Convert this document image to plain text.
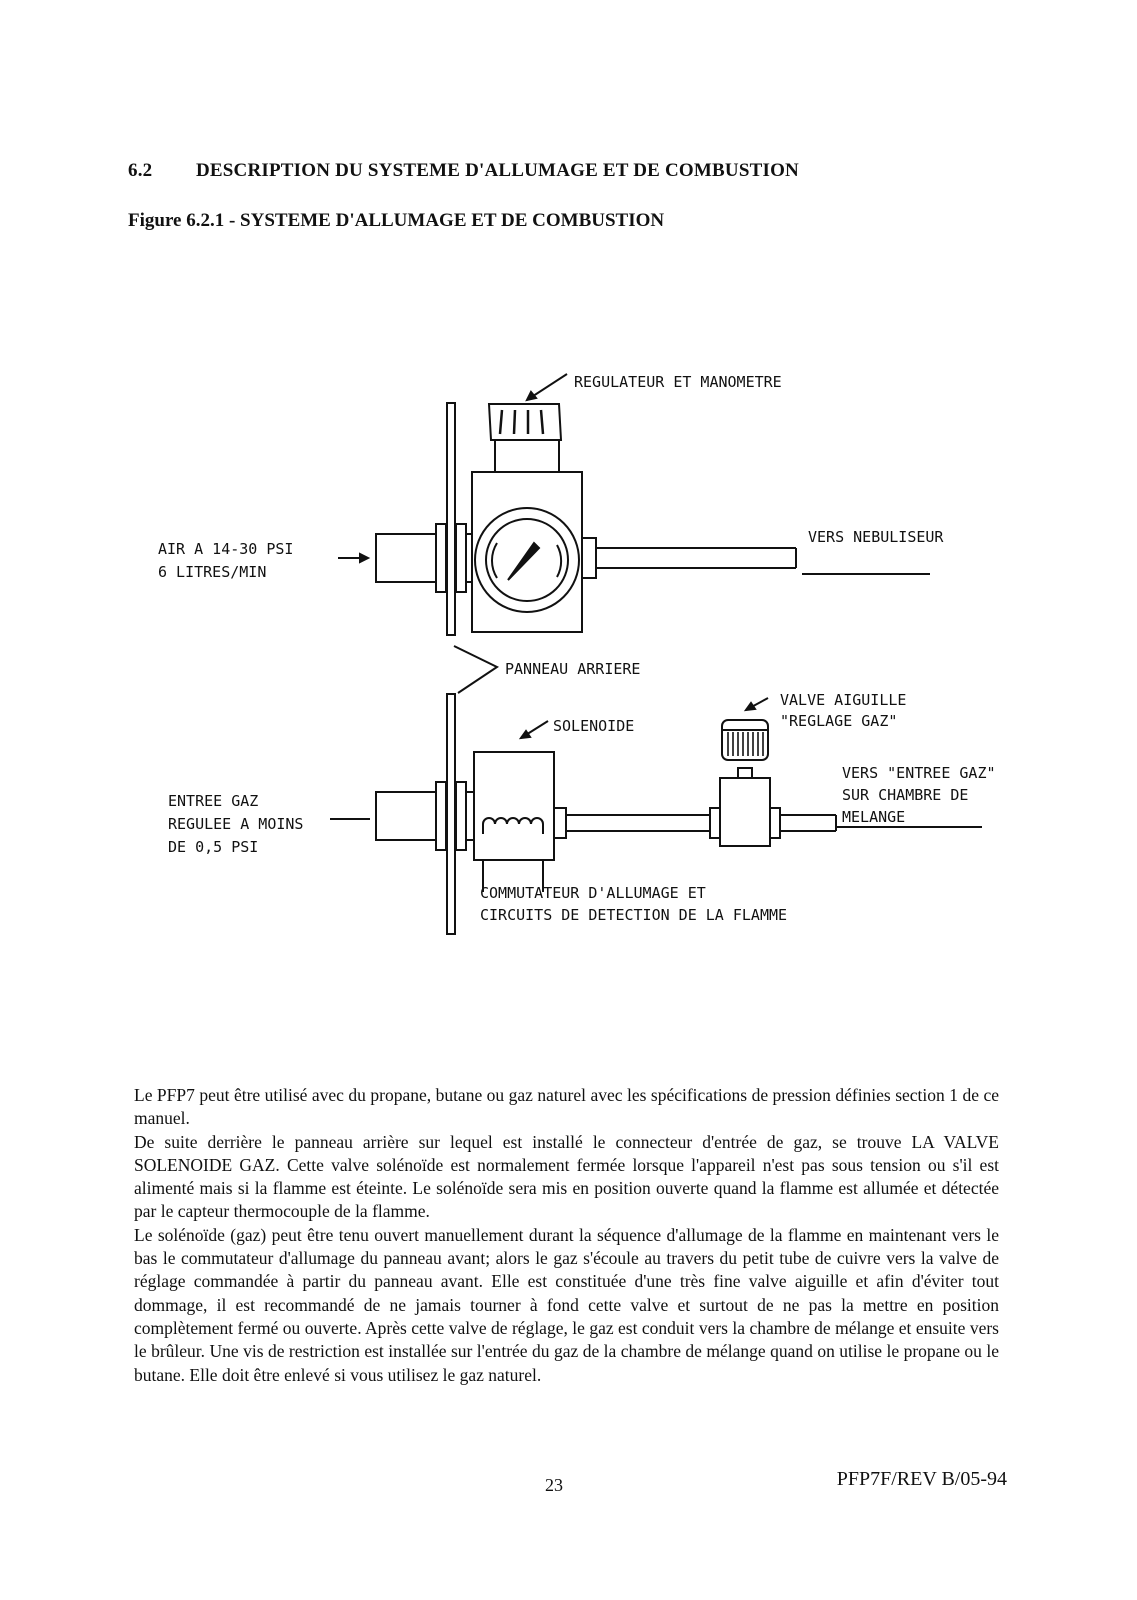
6.2 DESCRIPTION DU SYSTEME D'ALLUMAGE ET DE COMBUSTION
Figure 6.2.1 - SYSTEME D'ALLUMAGE ET DE COMBUSTION
REGULATEUR ET MANOMETRE
AIR A 14-30 PSI
6 LITRES/MIN
VERS NEBULISEUR
PANNEAU ARRIERE
VALVE AIGUILLE
"REGLAGE GAZ"
SOLENOIDE
ENTREE GAZ
REGULEE A MOINS
DE 0,5 PSI
VERS "ENTREE GAZ"
SUR CHAMBRE DE
MELANGE
COMMUTATEUR D'ALLUMAGE ET
CIRCUITS DE DETECTION DE LA FLAMME

Le PFP7 peut être utilisé avec du propane, butane ou gaz naturel avec les spécifications de pression définies section 1 de ce manuel.

De suite derrière le panneau arrière sur lequel est installé le connecteur d'entrée de gaz, se trouve LA VALVE SOLENOIDE GAZ. Cette valve solénoïde est normalement fermée lorsque l'appareil n'est pas sous tension ou s'il est alimenté mais si la flamme est éteinte. Le solénoïde sera mis en position ouverte quand la flamme est allumée et détectée par le capteur thermocouple de la flamme.

Le solénoïde (gaz) peut être tenu ouvert manuellement durant la séquence d'allumage de la flamme en maintenant vers le bas le commutateur d'allumage du panneau avant; alors le gaz s'écoule au travers du petit tube de cuivre vers la valve de réglage commandée à partir du panneau avant. Elle est constituée d'une très fine valve aiguille et afin d'éviter tout dommage, il est recommandé de ne jamais tourner à fond cette valve et surtout de ne pas la mettre en position complètement fermé ou ouverte. Après cette valve de réglage, le gaz est conduit vers la chambre de mélange et ensuite vers le brûleur. Une vis de restriction est installée sur l'entrée du gaz de la chambre de mélange quand on utilise le propane ou le butane. Elle doit être enlevé si vous utilisez le gaz naturel.

23	PFP7F/REV B/05-94
